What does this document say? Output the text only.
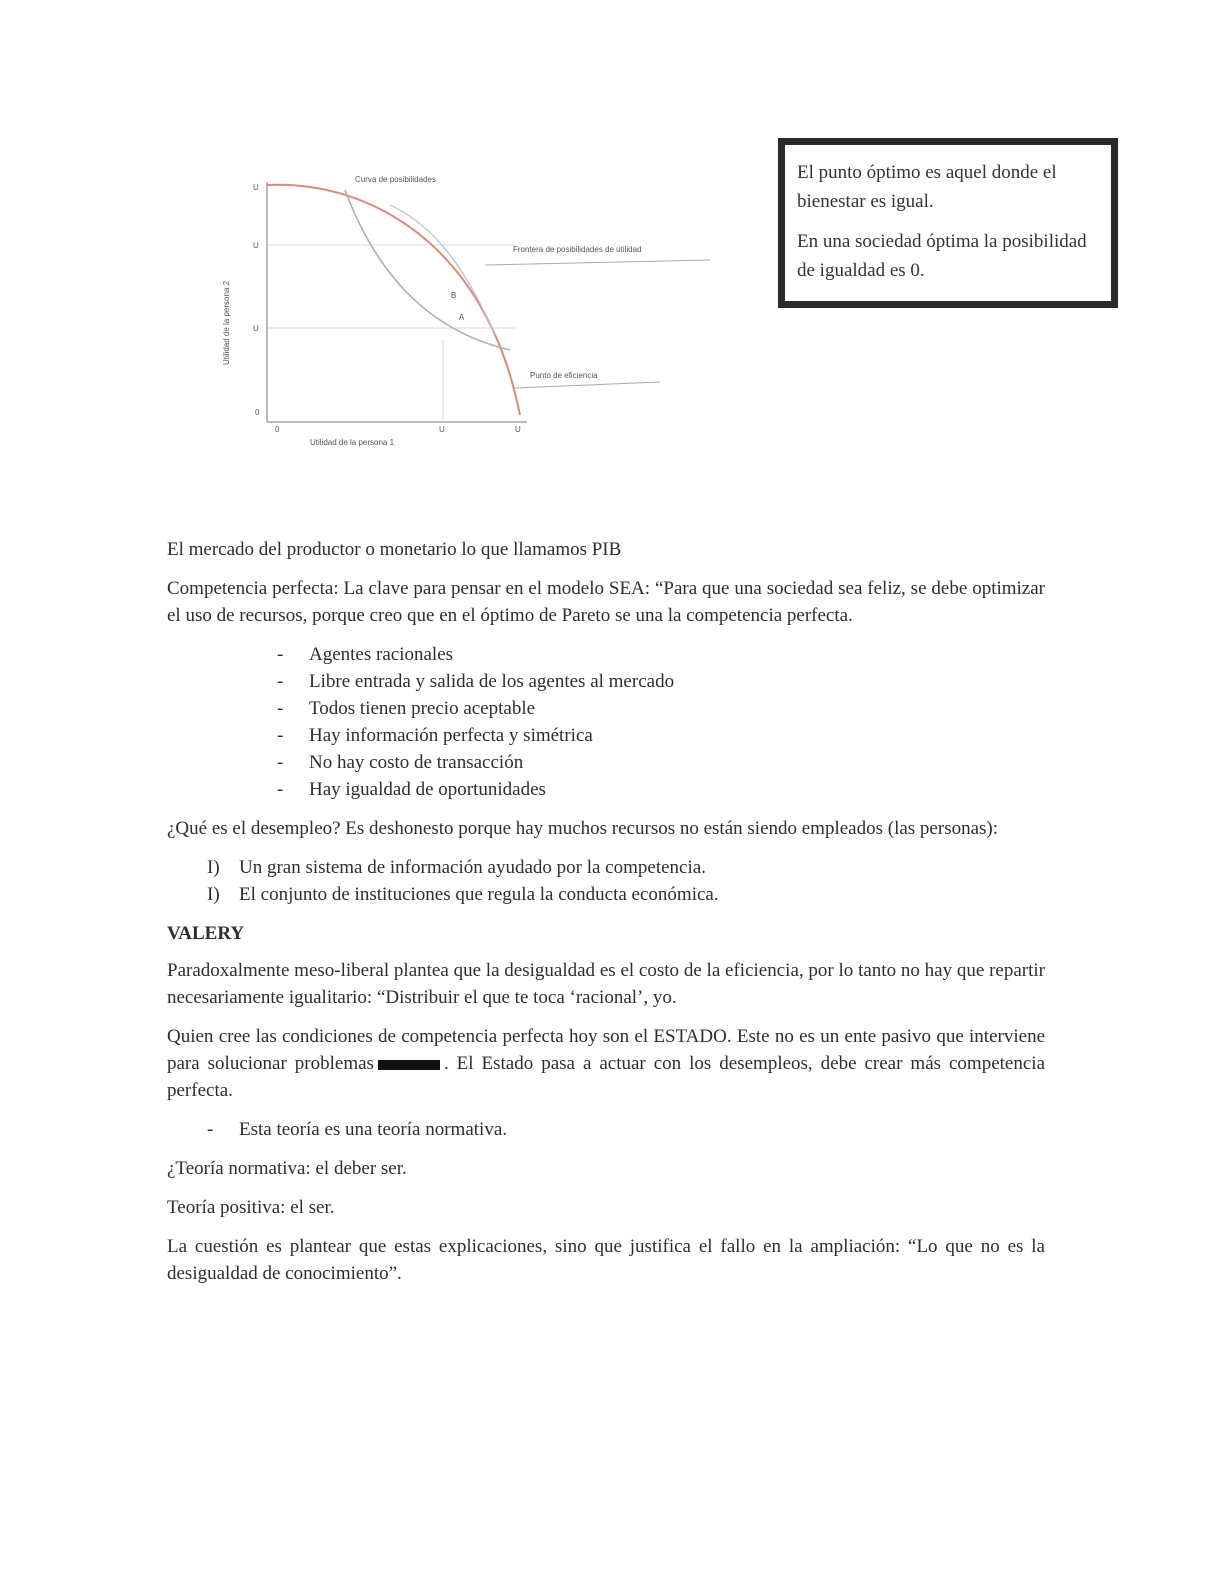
Utilidad de la persona 2
Utilidad de la persona 1
U
U
U
0
0	U	U
Curva de posibilidades
Frontera de posibilidades de utilidad
Punto de eficiencia
B
A

El punto óptimo es aquel donde el bienestar es igual.

En una sociedad óptima la posibilidad de igualdad es 0.

El mercado del productor o monetario lo que llamamos PIB

Competencia perfecta: La clave para pensar en el modelo SEA: “Para que una sociedad sea feliz, se debe optimizar el uso de recursos, porque creo que en el óptimo de Pareto se una la competencia perfecta.

- Agentes racionales
- Libre entrada y salida de los agentes al mercado
- Todos tienen precio aceptable
- Hay información perfecta y simétrica
- No hay costo de transacción
- Hay igualdad de oportunidades

¿Qué es el desempleo? Es deshonesto porque hay muchos recursos no están siendo empleados (las personas):

I) Un gran sistema de información ayudado por la competencia.
I) El conjunto de instituciones que regula la conducta económica.
VALERY

Paradoxalmente meso-liberal plantea que la desigualdad es el costo de la eficiencia, por lo tanto no hay que repartir necesariamente igualitario: “Distribuir el que te toca ‘racional’, yo.

Quien cree las condiciones de competencia perfecta hoy son el ESTADO. Este no es un ente pasivo que interviene para solucionar problemas	. El Estado pasa a actuar con los desempleos, debe crear más competencia perfecta.

- Esta teoría es una teoría normativa.

¿Teoría normativa: el deber ser.

Teoría positiva: el ser.

La cuestión es plantear que estas explicaciones, sino que justifica el fallo en la ampliación: “Lo que no es la desigualdad de conocimiento”.
